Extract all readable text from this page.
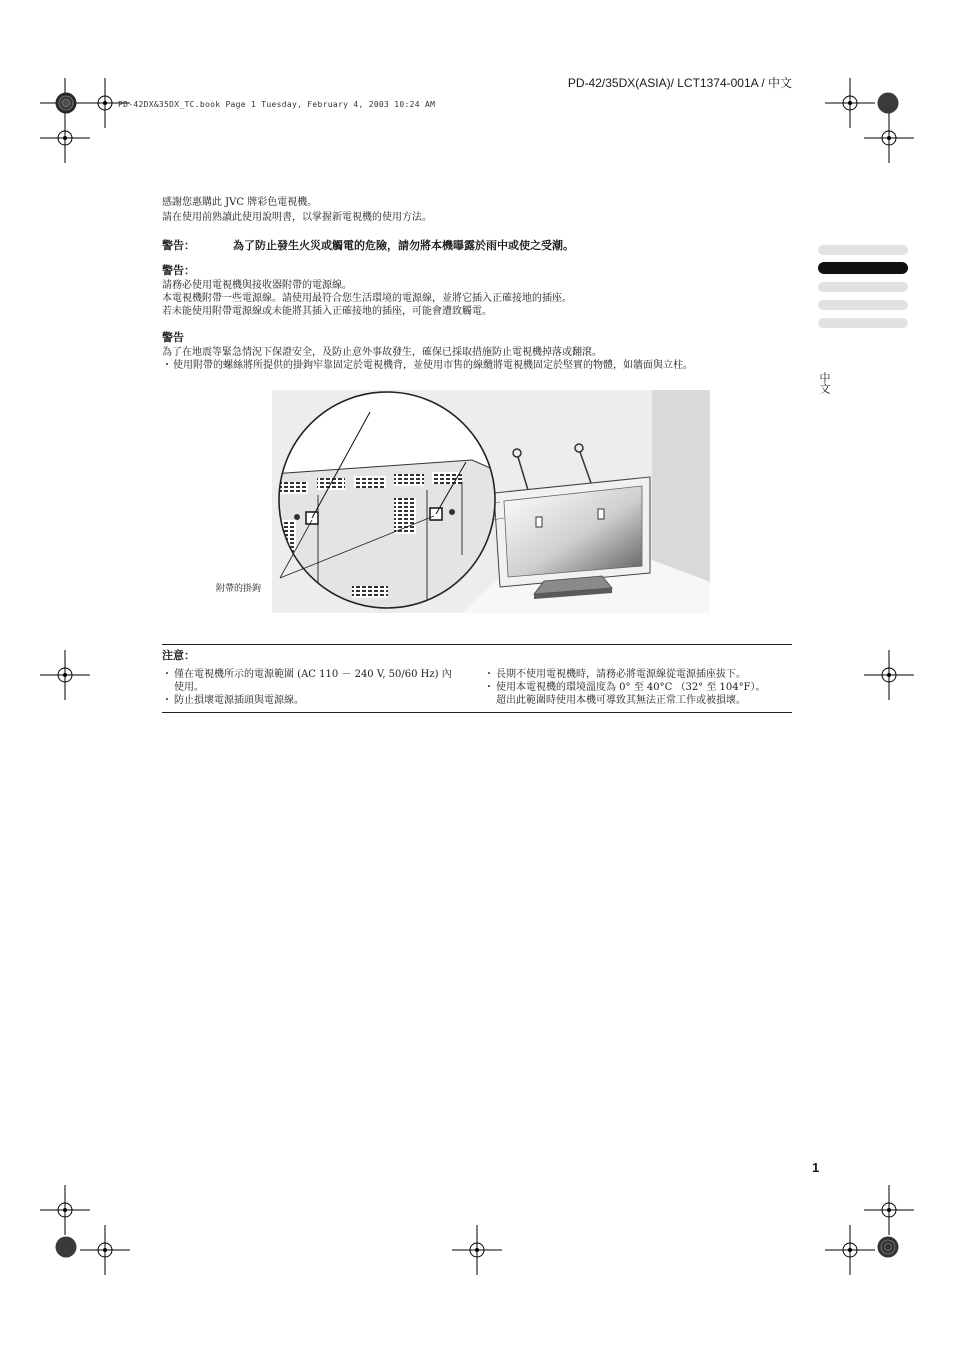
PD-42/35DX(ASIA)/ LCT1374-001A / 中文
PD-42DX&35DX_TC.book Page 1 Tuesday, February 4, 2003 10:24 AM
感謝您惠購此 JVC 牌彩色電視機。
請在使用前熟讀此使用說明書，以掌握新電視機的使用方法。
警告：	為了防止發生火災或觸電的危險，請勿將本機曝露於雨中或使之受潮。
警告：
請務必使用電視機與接收器附帶的電源線。
本電視機附帶一些電源線。請使用最符合您生活環境的電源線，並將它插入正確接地的插座。
若未能使用附帶電源線或未能將其插入正確接地的插座，可能會遭致觸電。
警告
為了在地震等緊急情況下保證安全，及防止意外事故發生，確保已採取措施防止電視機掉落或翻滾。
・ 使用附帶的螺絲將所提供的掛鉤牢靠固定於電視機背，並使用市售的線纜將電視機固定於堅實的物體，如牆面與立柱。
附帶的掛鉤
中文
注意：
・ 僅在電視機所示的電源範圍 (AC 110 － 240 V, 50/60 Hz) 內
使用。
・ 防止損壞電源插頭與電源線。
・ 長期不使用電視機時，請務必將電源線從電源插座拔下。
・ 使用本電視機的環境溫度為 0° 至 40°C （32° 至 104°F）。
超出此範圍時使用本機可導致其無法正常工作或被損壞。
1
